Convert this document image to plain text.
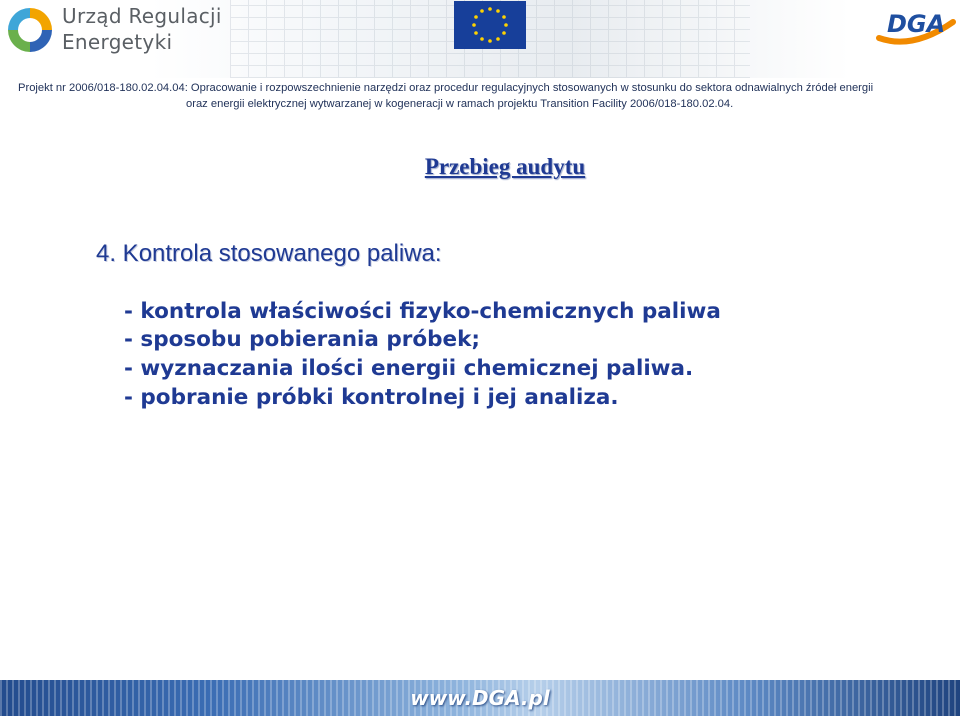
Urząd Regulacji
Energetyki
DGA
Projekt nr 2006/018-180.02.04.04: Opracowanie i rozpowszechnienie narzędzi oraz procedur regulacyjnych stosowanych w stosunku do sektora odnawialnych źródeł energii
oraz energii elektrycznej wytwarzanej w kogeneracji w ramach projektu Transition Facility 2006/018-180.02.04.
Przebieg audytu
4. Kontrola stosowanego paliwa:
- kontrola właściwości fizyko-chemicznych paliwa
- sposobu pobierania próbek;
- wyznaczania ilości energii chemicznej paliwa.
- pobranie próbki kontrolnej i jej analiza.
www.DGA.pl
